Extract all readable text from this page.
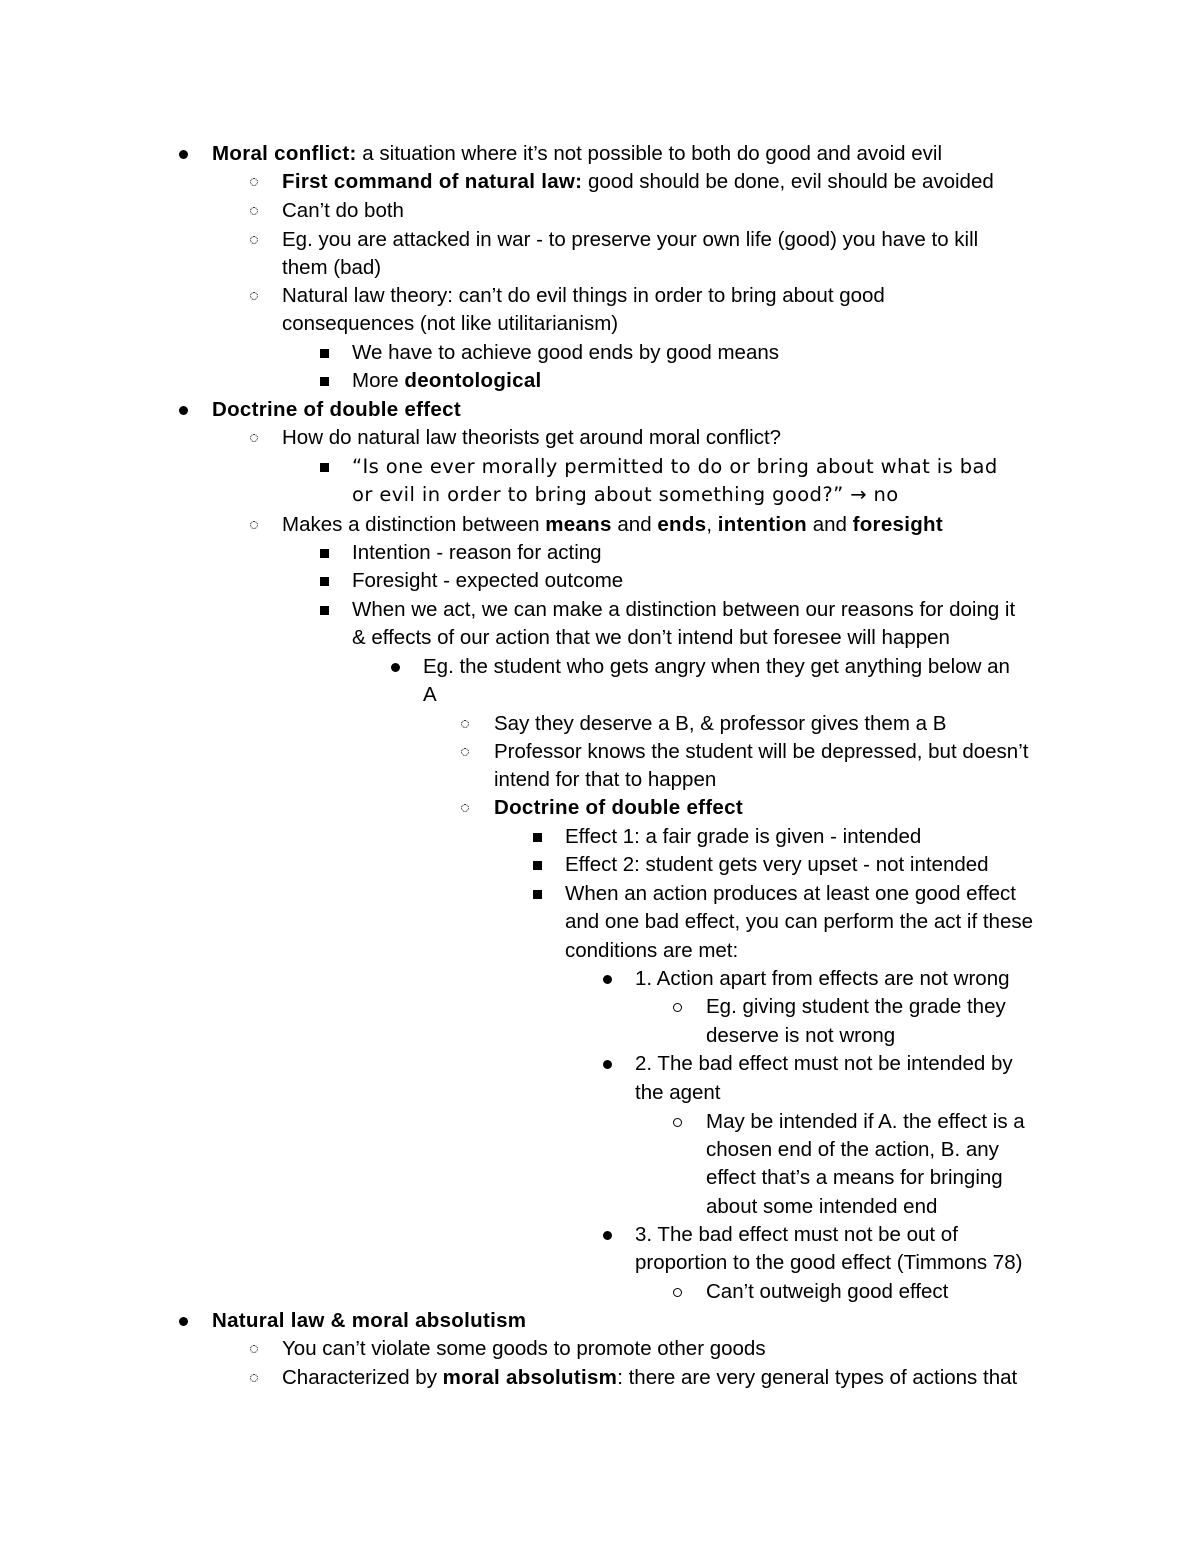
Moral conflict: a situation where it’s not possible to both do good and avoid evil
First command of natural law: good should be done, evil should be avoided
Can’t do both
Eg. you are attacked in war - to preserve your own life (good) you have to kill
them (bad)
Natural law theory: can’t do evil things in order to bring about good
consequences (not like utilitarianism)
We have to achieve good ends by good means
More deontological
Doctrine of double effect
How do natural law theorists get around moral conflict?
“Is one ever morally permitted to do or bring about what is bad
or evil in order to bring about something good?” → no
Makes a distinction between means and ends, intention and foresight
Intention - reason for acting
Foresight - expected outcome
When we act, we can make a distinction between our reasons for doing it
& effects of our action that we don’t intend but foresee will happen
Eg. the student who gets angry when they get anything below an
A
Say they deserve a B, & professor gives them a B
Professor knows the student will be depressed, but doesn’t
intend for that to happen
Doctrine of double effect
Effect 1: a fair grade is given - intended
Effect 2: student gets very upset - not intended
When an action produces at least one good effect
and one bad effect, you can perform the act if these
conditions are met:
1. Action apart from effects are not wrong
Eg. giving student the grade they
deserve is not wrong
2. The bad effect must not be intended by
the agent
May be intended if A. the effect is a
chosen end of the action, B. any
effect that’s a means for bringing
about some intended end
3. The bad effect must not be out of
proportion to the good effect (Timmons 78)
Can’t outweigh good effect
Natural law & moral absolutism
You can’t violate some goods to promote other goods
Characterized by moral absolutism: there are very general types of actions that
